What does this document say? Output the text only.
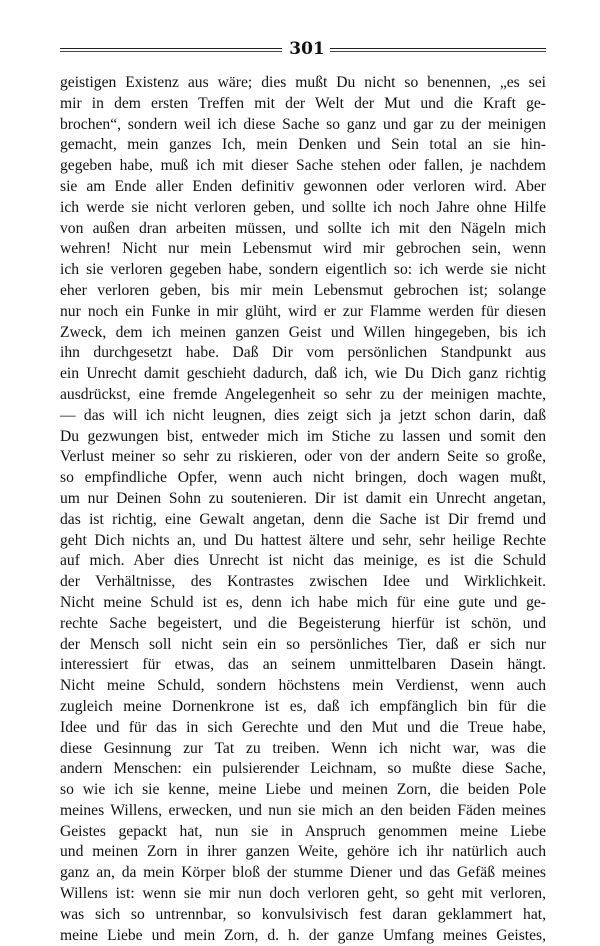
301
geistigen Existenz aus wäre; dies mußt Du nicht so benennen, „es sei
mir in dem ersten Treffen mit der Welt der Mut und die Kraft ge-
brochen“, sondern weil ich diese Sache so ganz und gar zu der meinigen
gemacht, mein ganzes Ich, mein Denken und Sein total an sie hin-
gegeben habe, muß ich mit dieser Sache stehen oder fallen, je nachdem
sie am Ende aller Enden definitiv gewonnen oder verloren wird. Aber
ich werde sie nicht verloren geben, und sollte ich noch Jahre ohne Hilfe
von außen dran arbeiten müssen, und sollte ich mit den Nägeln mich
wehren! Nicht nur mein Lebensmut wird mir gebrochen sein, wenn
ich sie verloren gegeben habe, sondern eigentlich so: ich werde sie nicht
eher verloren geben, bis mir mein Lebensmut gebrochen ist; solange
nur noch ein Funke in mir glüht, wird er zur Flamme werden für diesen
Zweck, dem ich meinen ganzen Geist und Willen hingegeben, bis ich
ihn durchgesetzt habe. Daß Dir vom persönlichen Standpunkt aus
ein Unrecht damit geschieht dadurch, daß ich, wie Du Dich ganz richtig
ausdrückst, eine fremde Angelegenheit so sehr zu der meinigen machte,
— das will ich nicht leugnen, dies zeigt sich ja jetzt schon darin, daß
Du gezwungen bist, entweder mich im Stiche zu lassen und somit den
Verlust meiner so sehr zu riskieren, oder von der andern Seite so große,
so empfindliche Opfer, wenn auch nicht bringen, doch wagen mußt,
um nur Deinen Sohn zu soutenieren. Dir ist damit ein Unrecht angetan,
das ist richtig, eine Gewalt angetan, denn die Sache ist Dir fremd und
geht Dich nichts an, und Du hattest ältere und sehr, sehr heilige Rechte
auf mich. Aber dies Unrecht ist nicht das meinige, es ist die Schuld
der Verhältnisse, des Kontrastes zwischen Idee und Wirklichkeit.
Nicht meine Schuld ist es, denn ich habe mich für eine gute und ge-
rechte Sache begeistert, und die Begeisterung hierfür ist schön, und
der Mensch soll nicht sein ein so persönliches Tier, daß er sich nur
interessiert für etwas, das an seinem unmittelbaren Dasein hängt.
Nicht meine Schuld, sondern höchstens mein Verdienst, wenn auch
zugleich meine Dornenkrone ist es, daß ich empfänglich bin für die
Idee und für das in sich Gerechte und den Mut und die Treue habe,
diese Gesinnung zur Tat zu treiben. Wenn ich nicht war, was die
andern Menschen: ein pulsierender Leichnam, so mußte diese Sache,
so wie ich sie kenne, meine Liebe und meinen Zorn, die beiden Pole
meines Willens, erwecken, und nun sie mich an den beiden Fäden meines
Geistes gepackt hat, nun sie in Anspruch genommen meine Liebe
und meinen Zorn in ihrer ganzen Weite, gehöre ich ihr natürlich auch
ganz an, da mein Körper bloß der stumme Diener und das Gefäß meines
Willens ist: wenn sie mir nun doch verloren geht, so geht mit verloren,
was sich so untrennbar, so konvulsivisch fest daran geklammert hat,
meine Liebe und mein Zorn, d. h. der ganze Umfang meines Geistes,
